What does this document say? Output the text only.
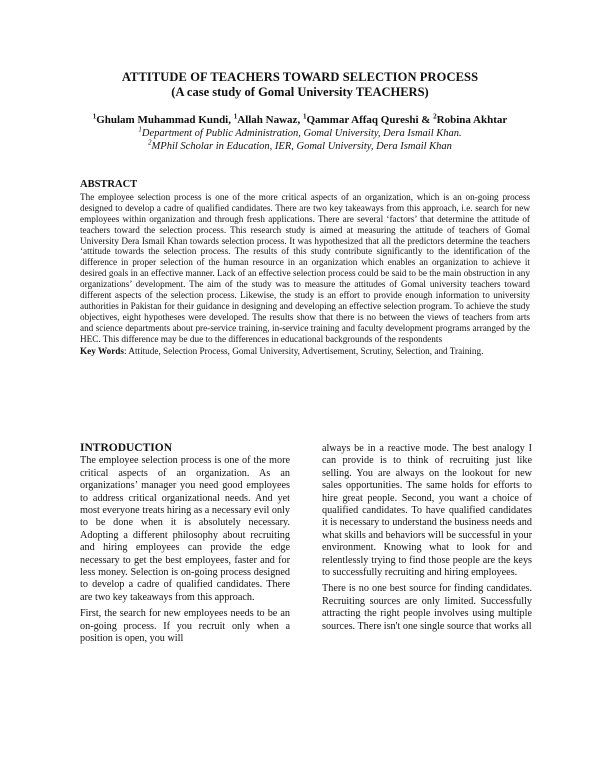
ATTITUDE OF TEACHERS TOWARD SELECTION PROCESS
(A case study of Gomal University TEACHERS)
$^1$Ghulam Muhammad Kundi, $^1$Allah Nawaz, $^1$Qammar Affaq Qureshi & $^2$Robina Akhtar
$^1$Department of Public Administration, Gomal University, Dera Ismail Khan.
$^2$MPhil Scholar in Education, IER, Gomal University, Dera Ismail Khan
ABSTRACT
The employee selection process is one of the more critical aspects of an organization, which is an on-going process designed to develop a cadre of qualified candidates. There are two key takeaways from this approach, i.e. search for new employees within organization and through fresh applications. There are several ‘factors’ that determine the attitude of teachers toward the selection process. This research study is aimed at measuring the attitude of teachers of Gomal University Dera Ismail Khan towards selection process. It was hypothesized that all the predictors determine the teachers ‘attitude towards the selection process. The results of this study contribute significantly to the identification of the difference in proper selection of the human resource in an organization which enables an organization to achieve it desired goals in an effective manner. Lack of an effective selection process could be said to be the main obstruction in any organizations’ development. The aim of the study was to measure the attitudes of Gomal university teachers toward different aspects of the selection process. Likewise, the study is an effort to provide enough information to university authorities in Pakistan for their guidance in designing and developing an effective selection program. To achieve the study objectives, eight hypotheses were developed. The results show that there is no between the views of teachers from arts and science departments about pre-service training, in-service training and faculty development programs arranged by the HEC. This difference may be due to the differences in educational backgrounds of the respondents
Key Words: Attitude, Selection Process, Gomal University, Advertisement, Scrutiny, Selection, and Training.
INTRODUCTION

The employee selection process is one of the more critical aspects of an organization. As an organizations’ manager you need good employees to address critical organizational needs. And yet most everyone treats hiring as a necessary evil only to be done when it is absolutely necessary. Adopting a different philosophy about recruiting and hiring employees can provide the edge necessary to get the best employees, faster and for less money. Selection is on-going process designed to develop a cadre of qualified candidates. There are two key takeaways from this approach.

First, the search for new employees needs to be an on-going process. If you recruit only when a position is open, you will

always be in a reactive mode. The best analogy I can provide is to think of recruiting just like selling. You are always on the lookout for new sales opportunities. The same holds for efforts to hire great people. Second, you want a choice of qualified candidates. To have qualified candidates it is necessary to understand the business needs and what skills and behaviors will be successful in your environment. Knowing what to look for and relentlessly trying to find those people are the keys to successfully recruiting and hiring employees.

There is no one best source for finding candidates. Recruiting sources are only limited. Successfully attracting the right people involves using multiple sources. There isn't one single source that works all
